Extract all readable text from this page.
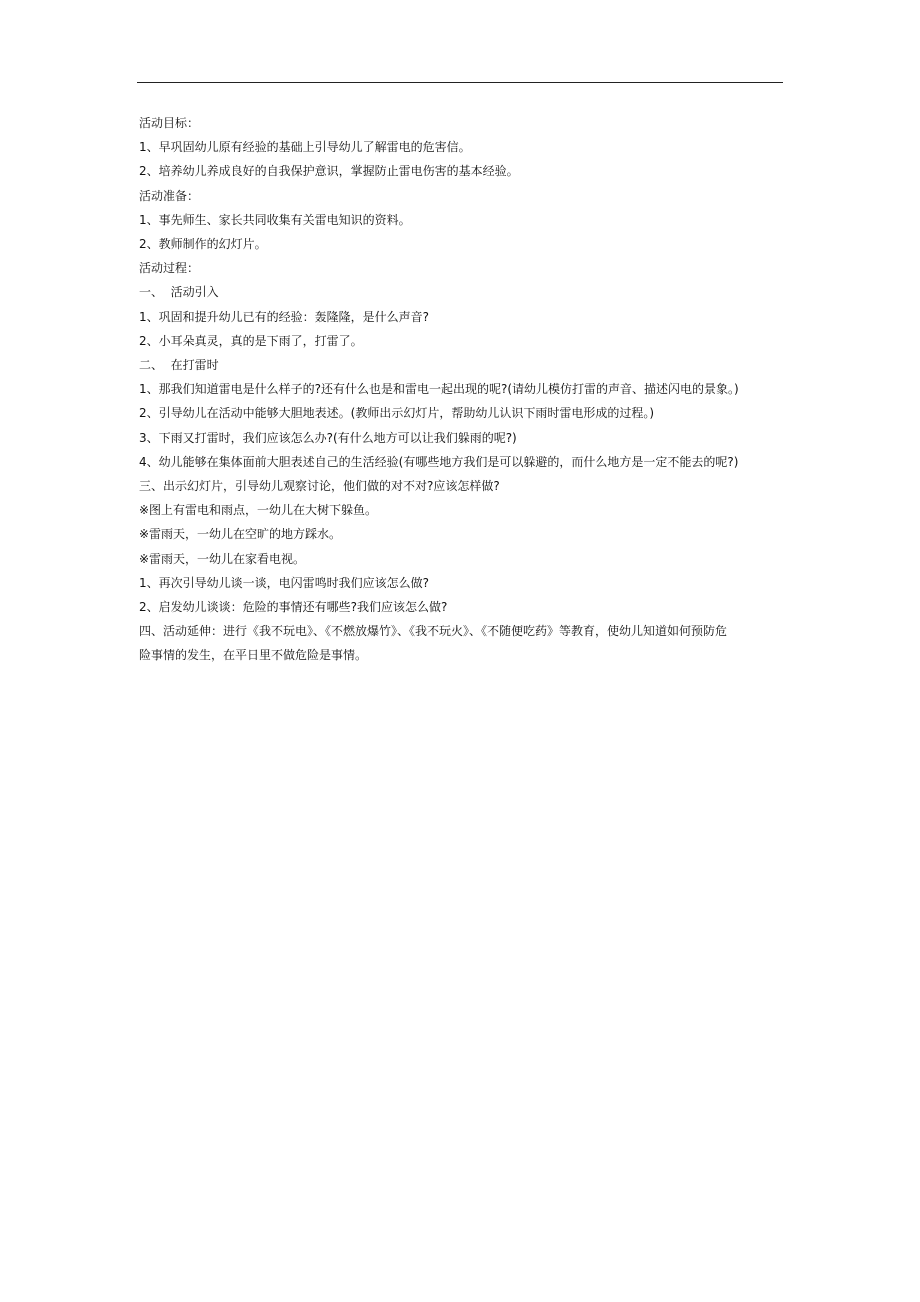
活动目标：
1、早巩固幼儿原有经验的基础上引导幼儿了解雷电的危害信。
2、培养幼儿养成良好的自我保护意识，掌握防止雷电伤害的基本经验。
活动准备：
1、事先师生、家长共同收集有关雷电知识的资料。
2、教师制作的幻灯片。
活动过程：
一、  活动引入
1、巩固和提升幼儿已有的经验：轰隆隆，是什么声音?
2、小耳朵真灵，真的是下雨了，打雷了。
二、  在打雷时
1、那我们知道雷电是什么样子的?还有什么也是和雷电一起出现的呢?(请幼儿模仿打雷的声音、描述闪电的景象。)
2、引导幼儿在活动中能够大胆地表述。(教师出示幻灯片，帮助幼儿认识下雨时雷电形成的过程。)
3、下雨又打雷时，我们应该怎么办?(有什么地方可以让我们躲雨的呢?)
4、幼儿能够在集体面前大胆表述自己的生活经验(有哪些地方我们是可以躲避的，而什么地方是一定不能去的呢?)
三、出示幻灯片，引导幼儿观察讨论，他们做的对不对?应该怎样做?
※图上有雷电和雨点，一幼儿在大树下躲鱼。
※雷雨天，一幼儿在空旷的地方踩水。
※雷雨天，一幼儿在家看电视。
1、再次引导幼儿谈一谈，电闪雷鸣时我们应该怎么做?
2、启发幼儿谈谈：危险的事情还有哪些?我们应该怎么做?
四、活动延伸：进行《我不玩电》、《不燃放爆竹》、《我不玩火》、《不随便吃药》等教育，使幼儿知道如何预防危
险事情的发生，在平日里不做危险是事情。
